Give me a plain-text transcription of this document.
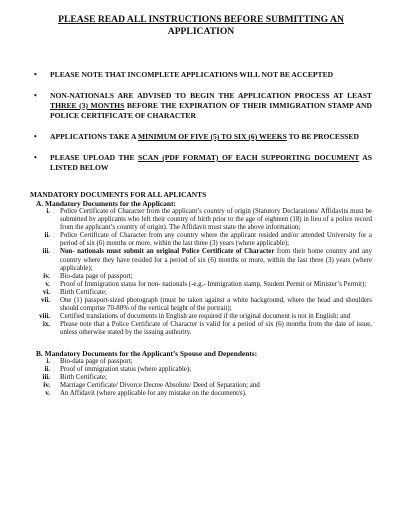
PLEASE READ ALL INSTRUCTIONS BEFORE SUBMITTING AN
APPLICATION
• PLEASE NOTE THAT INCOMPLETE APPLICATIONS WILL NOT BE ACCEPTED
• NON-NATIONALS ARE ADVISED TO BEGIN THE APPLICATION PROCESS AT LEAST THREE (3) MONTHS BEFORE THE EXPIRATION OF THEIR IMMIGRATION STAMP AND POLICE CERTIFICATE OF CHARACTER
• APPLICATIONS TAKE A MINIMUM OF FIVE (5) TO SIX (6) WEEKS TO BE PROCESSED
• PLEASE UPLOAD THE SCAN (PDF FORMAT) OF EACH SUPPORTING DOCUMENT AS LISTED BELOW
MANDATORY DOCUMENTS FOR ALL APLICANTS
A. Mandatory Documents for the Applicant:
i.	Police Certificate of Character from the applicant’s country of origin (Statutory Declarations/ Affidavits must be submitted by applicants who left their country of birth prior to the age of eighteen (18) in lieu of a police record from the applicant’s country of origin). The Affidavit must state the above information;
ii.	Police Certificate of Character from any country where the applicant resided and/or attended University for a period of six (6) months or more, within the last three (3) years (where applicable);
iii.	Non- nationals must submit an original Police Certificate of Character from their home country and any country where they have resided for a period of six (6) months or more, within the last three (3) years (where applicable);
iv.	Bio-data page of passport;
v.	Proof of Immigration status for non- nationals (-e.g.- Immigration stamp, Student Permit or Minister’s Permit);
vi.	Birth Certificate;
vii.	One (1) passport-sized photograph (must be taken against a white background, where the head and shoulders should comprise 70-80% of the vertical height of the portrait);
viii.	Certified translations of documents in English are required if the original document is not in English; and
ix.	Please note that a Police Certificate of Character is valid for a period of six (6) months from the date of issue, unless otherwise stated by the issuing authority.
B. Mandatory Documents for the Applicant’s Spouse and Dependents:
i.	Bio-data page of passport;
ii.	Proof of immigration status (where applicable);
iii.	Birth Certificate;
iv.	Marriage Certificate/ Divorce Decree Absolute/ Deed of Separation; and
v.	An Affidavit (where applicable for any mistake on the document/s).
